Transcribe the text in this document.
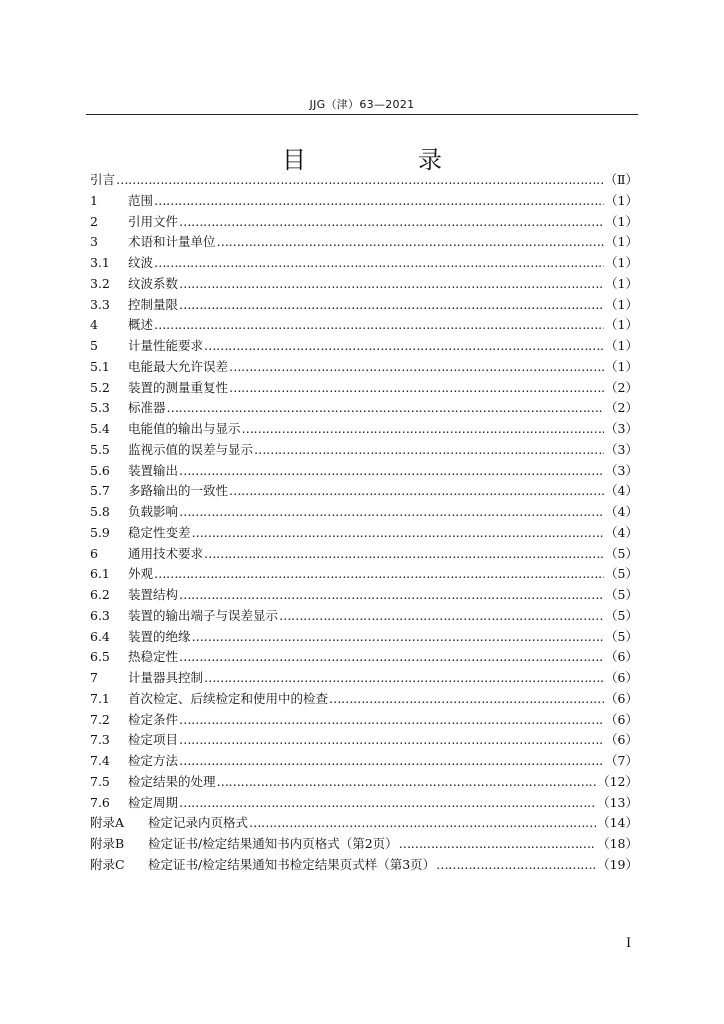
JJG（津）63—2021
目　录
引言 …………………………………………………………………………………………………………………………………………	（Ⅱ）
1	范围 …………………………………………………………………………………………………………………………………………	（1）
2	引用文件 …………………………………………………………………………………………………………………………………………	（1）
3	术语和计量单位 …………………………………………………………………………………………………………………………………………	（1）
3.1	纹波 …………………………………………………………………………………………………………………………………………	（1）
3.2	纹波系数 …………………………………………………………………………………………………………………………………………	（1）
3.3	控制量限 …………………………………………………………………………………………………………………………………………	（1）
4	概述 …………………………………………………………………………………………………………………………………………	（1）
5	计量性能要求 …………………………………………………………………………………………………………………………………………	（1）
5.1	电能最大允许误差 …………………………………………………………………………………………………………………………………………	（1）
5.2	装置的测量重复性 …………………………………………………………………………………………………………………………………………	（2）
5.3	标准器 …………………………………………………………………………………………………………………………………………	（2）
5.4	电能值的输出与显示 …………………………………………………………………………………………………………………………………………	（3）
5.5	监视示值的误差与显示 …………………………………………………………………………………………………………………………………………	（3）
5.6	装置输出 …………………………………………………………………………………………………………………………………………	（3）
5.7	多路输出的一致性 …………………………………………………………………………………………………………………………………………	（4）
5.8	负载影响 …………………………………………………………………………………………………………………………………………	（4）
5.9	稳定性变差 …………………………………………………………………………………………………………………………………………	（4）
6	通用技术要求 …………………………………………………………………………………………………………………………………………	（5）
6.1	外观 …………………………………………………………………………………………………………………………………………	（5）
6.2	装置结构 …………………………………………………………………………………………………………………………………………	（5）
6.3	装置的输出端子与误差显示 …………………………………………………………………………………………………………………………………………	（5）
6.4	装置的绝缘 …………………………………………………………………………………………………………………………………………	（5）
6.5	热稳定性 …………………………………………………………………………………………………………………………………………	（6）
7	计量器具控制 …………………………………………………………………………………………………………………………………………	（6）
7.1	首次检定、后续检定和使用中的检查 …………………………………………………………………………………………………………………………………………	（6）
7.2	检定条件 …………………………………………………………………………………………………………………………………………	（6）
7.3	检定项目 …………………………………………………………………………………………………………………………………………	（6）
7.4	检定方法 …………………………………………………………………………………………………………………………………………	（7）
7.5	检定结果的处理 …………………………………………………………………………………………………………………………………………	（12）
7.6	检定周期 …………………………………………………………………………………………………………………………………………	（13）
附录A	检定记录内页格式 …………………………………………………………………………………………………………………………………………	（14）
附录B	检定证书/检定结果通知书内页格式（第2页） …………………………………………………………………………………………………………………………………………	（18）
附录C	检定证书/检定结果通知书检定结果页式样（第3页） …………………………………………………………………………………………………………………………………………	（19）
Ⅰ
